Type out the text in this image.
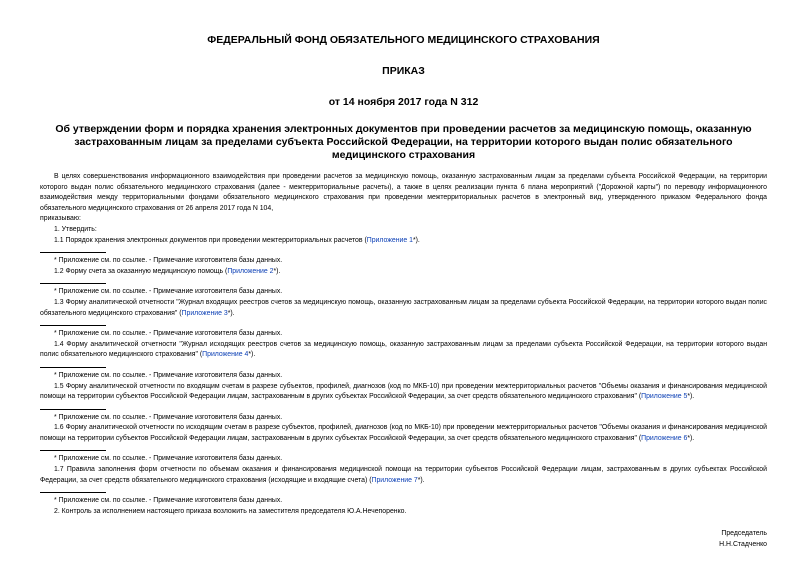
ФЕДЕРАЛЬНЫЙ ФОНД ОБЯЗАТЕЛЬНОГО МЕДИЦИНСКОГО СТРАХОВАНИЯ

ПРИКАЗ

от 14 ноября 2017 года N 312

Об утверждении форм и порядка хранения электронных документов при проведении расчетов за медицинскую помощь, оказанную застрахованным лицам за пределами субъекта Российской Федерации, на территории которого выдан полис обязательного медицинского страхования

В целях совершенствования информационного взаимодействия при проведении расчетов за медицинскую помощь, оказанную застрахованным лицам за пределами субъекта Российской Федерации, на территории которого выдан полис обязательного медицинского страхования (далее - межтерриториальные расчеты), а также в целях реализации пункта 6 плана мероприятий ("Дорожной карты") по переводу информационного взаимодействия между территориальными фондами обязательного медицинского страхования при проведении межтерриториальных расчетов в электронный вид, утвержденного приказом Федерального фонда обязательного медицинского страхования от 26 апреля 2017 года N 104,

приказываю:

1. Утвердить:

1.1 Порядок хранения электронных документов при проведении межтерриториальных расчетов (Приложение 1*).

* Приложение см. по ссылке. - Примечание изготовителя базы данных.

1.2 Форму счета за оказанную медицинскую помощь (Приложение 2*).

* Приложение см. по ссылке. - Примечание изготовителя базы данных.

1.3 Форму аналитической отчетности "Журнал входящих реестров счетов за медицинскую помощь, оказанную застрахованным лицам за пределами субъекта Российской Федерации, на территории которого выдан полис обязательного медицинского страхования" (Приложение 3*).

* Приложение см. по ссылке. - Примечание изготовителя базы данных.

1.4 Форму аналитической отчетности "Журнал исходящих реестров счетов за медицинскую помощь, оказанную застрахованным лицам за пределами субъекта Российской Федерации, на территории которого выдан полис обязательного медицинского страхования" (Приложение 4*).

* Приложение см. по ссылке. - Примечание изготовителя базы данных.

1.5 Форму аналитической отчетности по входящим счетам в разрезе субъектов, профилей, диагнозов (код по МКБ-10) при проведении межтерриториальных расчетов "Объемы оказания и финансирования медицинской помощи на территории субъектов Российской Федерации лицам, застрахованным в других субъектах Российской Федерации, за счет средств обязательного медицинского страхования" (Приложение 5*).

* Приложение см. по ссылке. - Примечание изготовителя базы данных.

1.6 Форму аналитической отчетности по исходящим счетам в разрезе субъектов, профилей, диагнозов (код по МКБ-10) при проведении межтерриториальных расчетов "Объемы оказания и финансирования медицинской помощи на территории субъектов Российской Федерации лицам, застрахованным в других субъектах Российской Федерации, за счет средств обязательного медицинского страхования" (Приложение 6*).

* Приложение см. по ссылке. - Примечание изготовителя базы данных.

1.7 Правила заполнения форм отчетности по объемам оказания и финансирования медицинской помощи на территории субъектов Российской Федерации лицам, застрахованным в других субъектах Российской Федерации, за счет средств обязательного медицинского страхования (исходящие и входящие счета) (Приложение 7*).

* Приложение см. по ссылке. - Примечание изготовителя базы данных.

2. Контроль за исполнением настоящего приказа возложить на заместителя председателя Ю.А.Нечепоренко.

Председатель
Н.Н.Стадченко
